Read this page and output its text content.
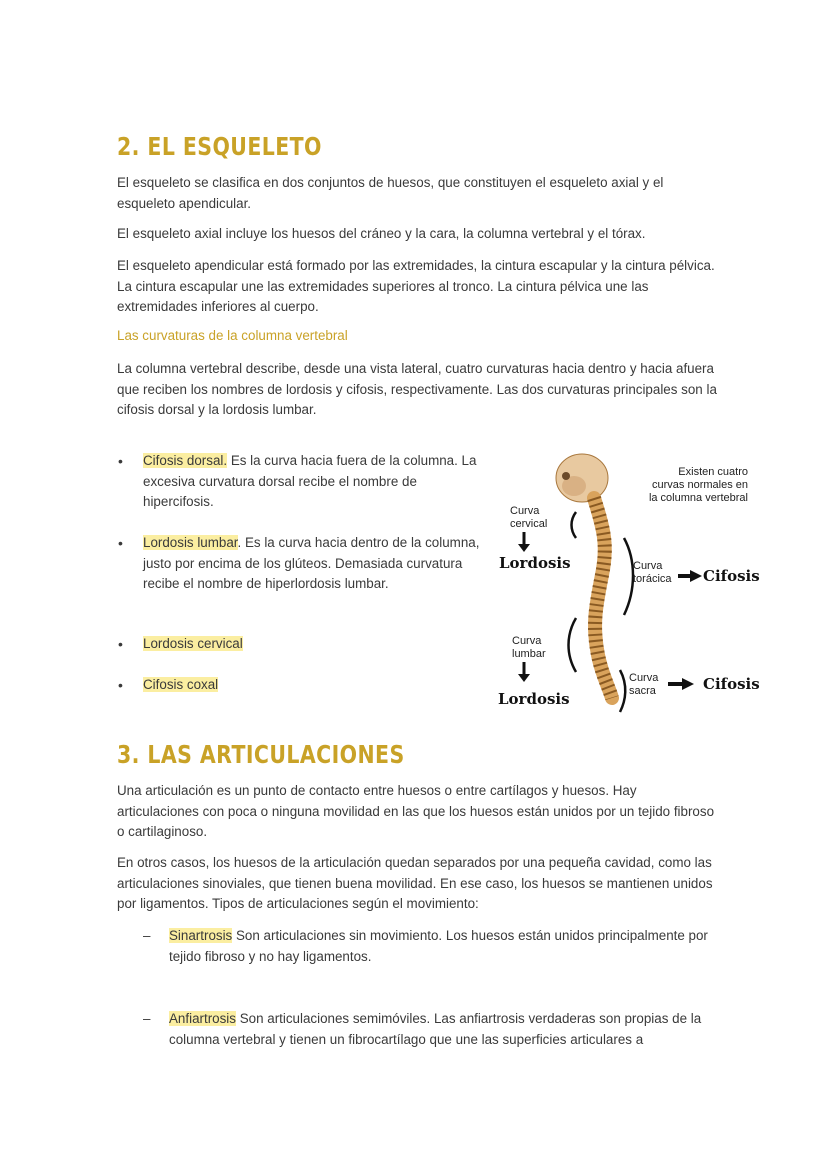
2. EL ESQUELETO

El esqueleto se clasifica en dos conjuntos de huesos, que constituyen el esqueleto axial y el esqueleto apendicular.

El esqueleto axial incluye los huesos del cráneo y la cara, la columna vertebral y el tórax.

El esqueleto apendicular está formado por las extremidades, la cintura escapular y la cintura pélvica. La cintura escapular une las extremidades superiores al tronco. La cintura pélvica une las extremidades inferiores al cuerpo.

Las curvaturas de la columna vertebral

La columna vertebral describe, desde una vista lateral, cuatro curvaturas hacia dentro y hacia afuera que reciben los nombres de lordosis y cifosis, respectivamente. Las dos curvaturas principales son la cifosis dorsal y la lordosis lumbar.

• Cifosis dorsal. Es la curva hacia fuera de la columna. La excesiva curvatura dorsal recibe el nombre de hipercifosis.
• Lordosis lumbar. Es la curva hacia dentro de la columna, justo por encima de los glúteos. Demasiada curvatura recibe el nombre de hiperlordosis lumbar.
• Lordosis cervical
• Cifosis coxal
Existen cuatro
curvas normales en
la columna vertebral
Curva
cervical
Lordosis	Curva
torácica Cifosis
Curva
lumbar
Lordosis
Curva
sacra	Cifosis
3. LAS ARTICULACIONES

Una articulación es un punto de contacto entre huesos o entre cartílagos y huesos. Hay articulaciones con poca o ninguna movilidad en las que los huesos están unidos por un tejido fibroso o cartilaginoso.

En otros casos, los huesos de la articulación quedan separados por una pequeña cavidad, como las articulaciones sinoviales, que tienen buena movilidad. En ese caso, los huesos se mantienen unidos por ligamentos. Tipos de articulaciones según el movimiento:

– Sinartrosis Son articulaciones sin movimiento. Los huesos están unidos principalmente por tejido fibroso y no hay ligamentos.
– Anfiartrosis Son articulaciones semimóviles. Las anfiartrosis verdaderas son propias de la columna vertebral y tienen un fibrocartílago que une las superficies articulares a
